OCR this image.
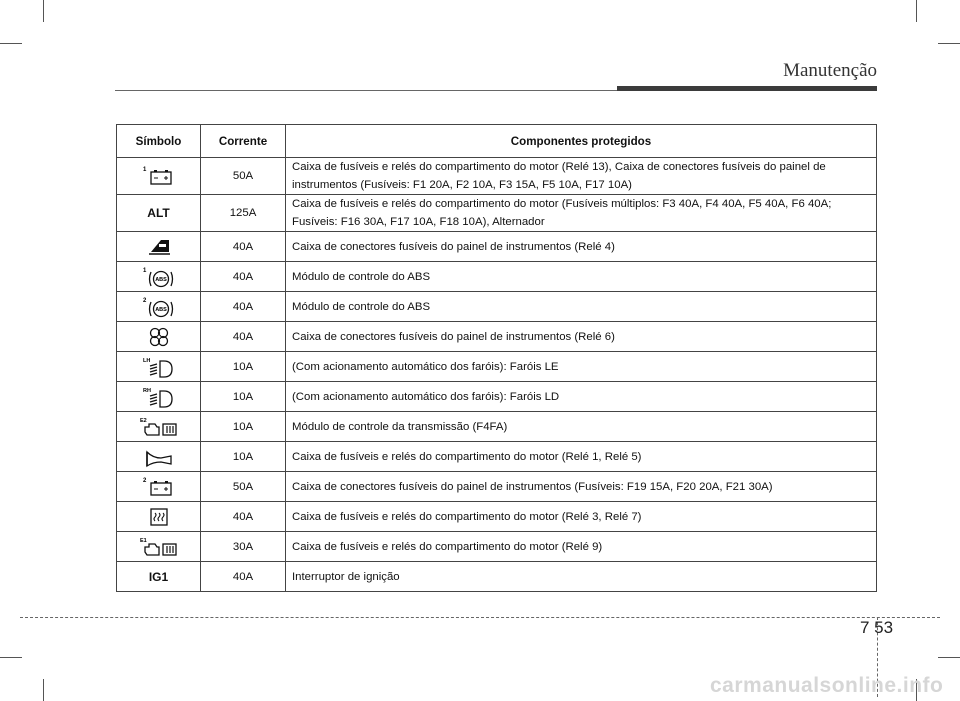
Manutenção
Símbolo	Corrente	Componentes protegidos

1	50A	Caixa de fusíveis e relés do compartimento do motor (Relé 13), Caixa de conectores fusíveis do painel de instrumentos (Fusíveis: F1 20A, F2 10A, F3 15A, F5 10A, F17 10A)
ALT	125A	Caixa de fusíveis e relés do compartimento do motor (Fusíveis múltiplos: F3 40A, F4 40A, F5 40A, F6 40A; Fusíveis: F16 30A, F17 10A, F18 10A), Alternador
	40A	Caixa de conectores fusíveis do painel de instrumentos (Relé 4)

1
ABS	40A	Módulo de controle do ABS

2
ABS	40A	Módulo de controle do ABS
	40A	Caixa de conectores fusíveis do painel de instrumentos (Relé 6)

LH	10A	(Com acionamento automático dos faróis): Faróis LE

RH	10A	(Com acionamento automático dos faróis): Faróis LD

E2	10A	Módulo de controle da transmissão (F4FA)
	10A	Caixa de fusíveis e relés do compartimento do motor (Relé 1, Relé 5)

2	50A	Caixa de conectores fusíveis do painel de instrumentos (Fusíveis: F19 15A, F20 20A, F21 30A)
	40A	Caixa de fusíveis e relés do compartimento do motor (Relé 3, Relé 7)

E1	30A	Caixa de fusíveis e relés do compartimento do motor (Relé 9)
IG1	40A	Interruptor de ignição
7 53
carmanualsonline.info
